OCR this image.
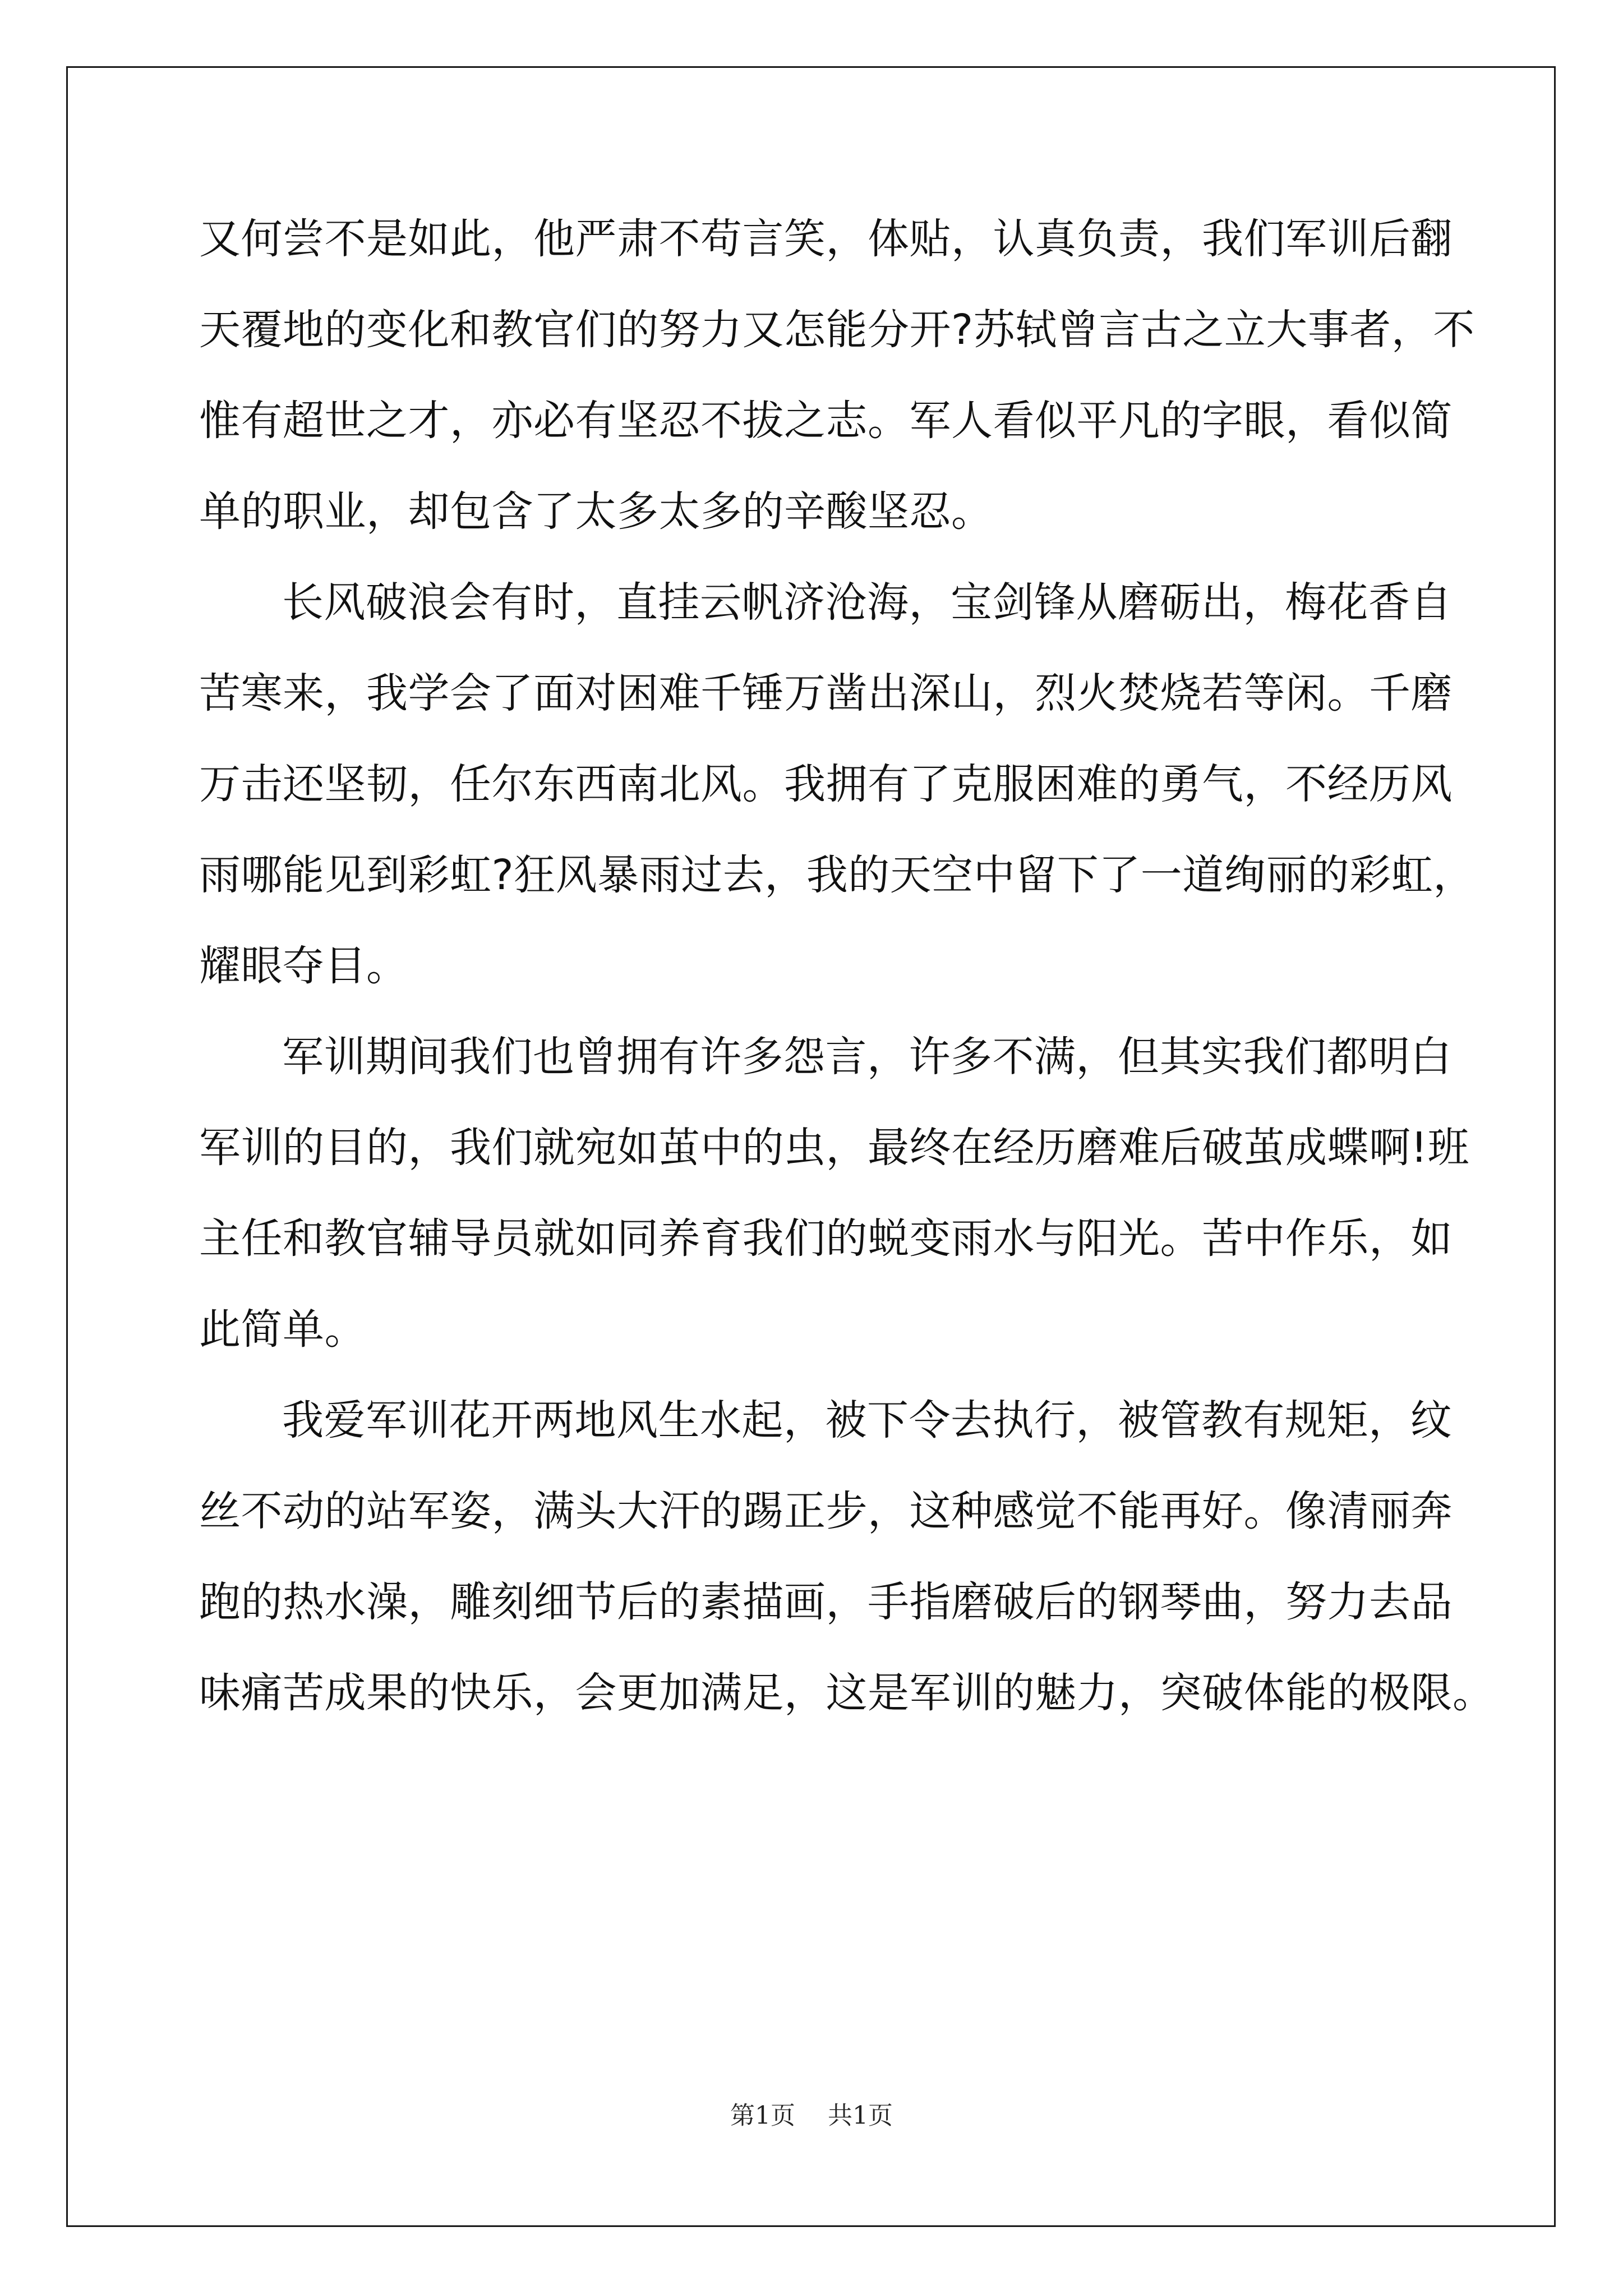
又何尝不是如此，他严肃不苟言笑，体贴，认真负责，我们军训后翻
天覆地的变化和教官们的努力又怎能分开?苏轼曾言古之立大事者，不
惟有超世之才，亦必有坚忍不拔之志。军人看似平凡的字眼，看似简
单的职业，却包含了太多太多的辛酸坚忍。
长风破浪会有时，直挂云帆济沧海，宝剑锋从磨砺出，梅花香自
苦寒来，我学会了面对困难千锤万凿出深山，烈火焚烧若等闲。千磨
万击还坚韧，任尔东西南北风。我拥有了克服困难的勇气，不经历风
雨哪能见到彩虹?狂风暴雨过去，我的天空中留下了一道绚丽的彩虹，
耀眼夺目。
军训期间我们也曾拥有许多怨言，许多不满，但其实我们都明白
军训的目的，我们就宛如茧中的虫，最终在经历磨难后破茧成蝶啊!班
主任和教官辅导员就如同养育我们的蜕变雨水与阳光。苦中作乐，如
此简单。
我爱军训花开两地风生水起，被下令去执行，被管教有规矩，纹
丝不动的站军姿，满头大汗的踢正步，这种感觉不能再好。像清丽奔
跑的热水澡，雕刻细节后的素描画，手指磨破后的钢琴曲，努力去品
味痛苦成果的快乐，会更加满足，这是军训的魅力，突破体能的极限。
第1页 共1页
